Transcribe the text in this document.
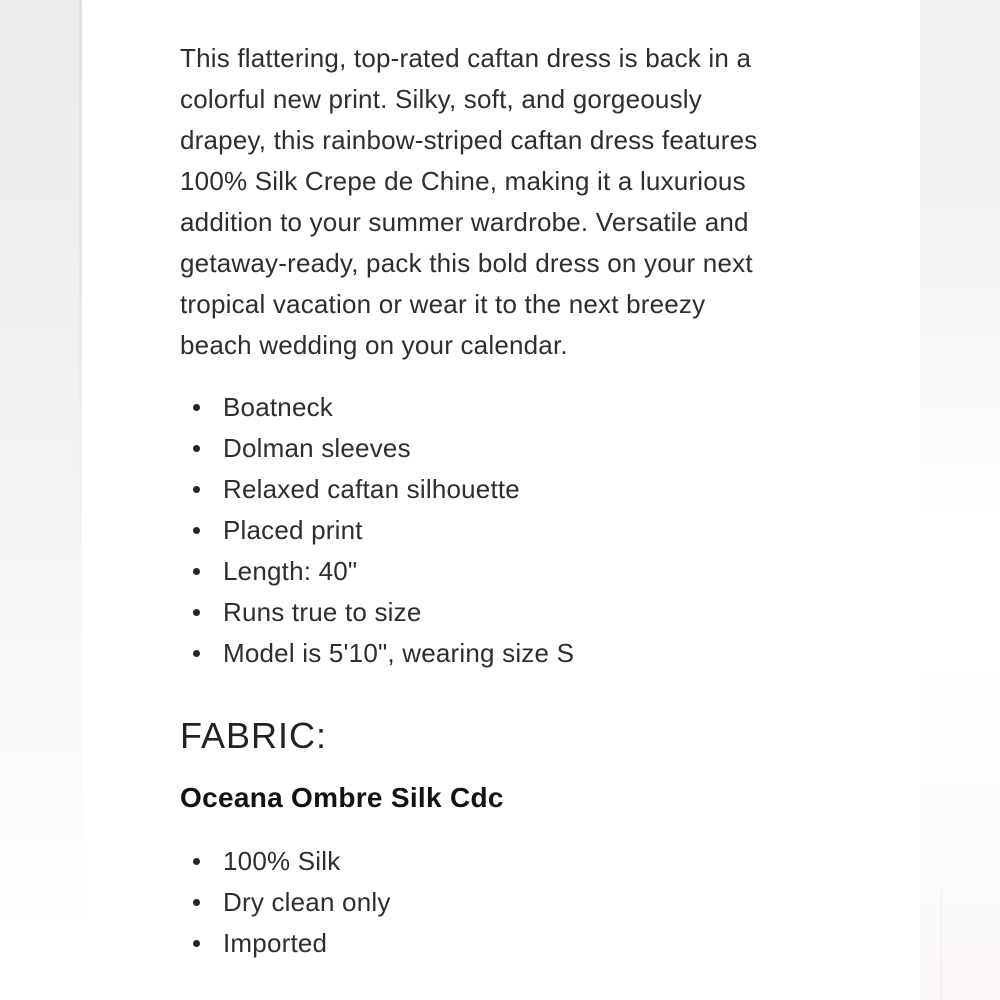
This flattering, top-rated caftan dress is back in a
colorful new print. Silky, soft, and gorgeously
drapey, this rainbow-striped caftan dress features
100% Silk Crepe de Chine, making it a luxurious
addition to your summer wardrobe. Versatile and
getaway-ready, pack this bold dress on your next
tropical vacation or wear it to the next breezy
beach wedding on your calendar.
Boatneck
Dolman sleeves
Relaxed caftan silhouette
Placed print
Length: 40"
Runs true to size
Model is 5'10", wearing size S
FABRIC:
Oceana Ombre Silk Cdc
100% Silk
Dry clean only
Imported
